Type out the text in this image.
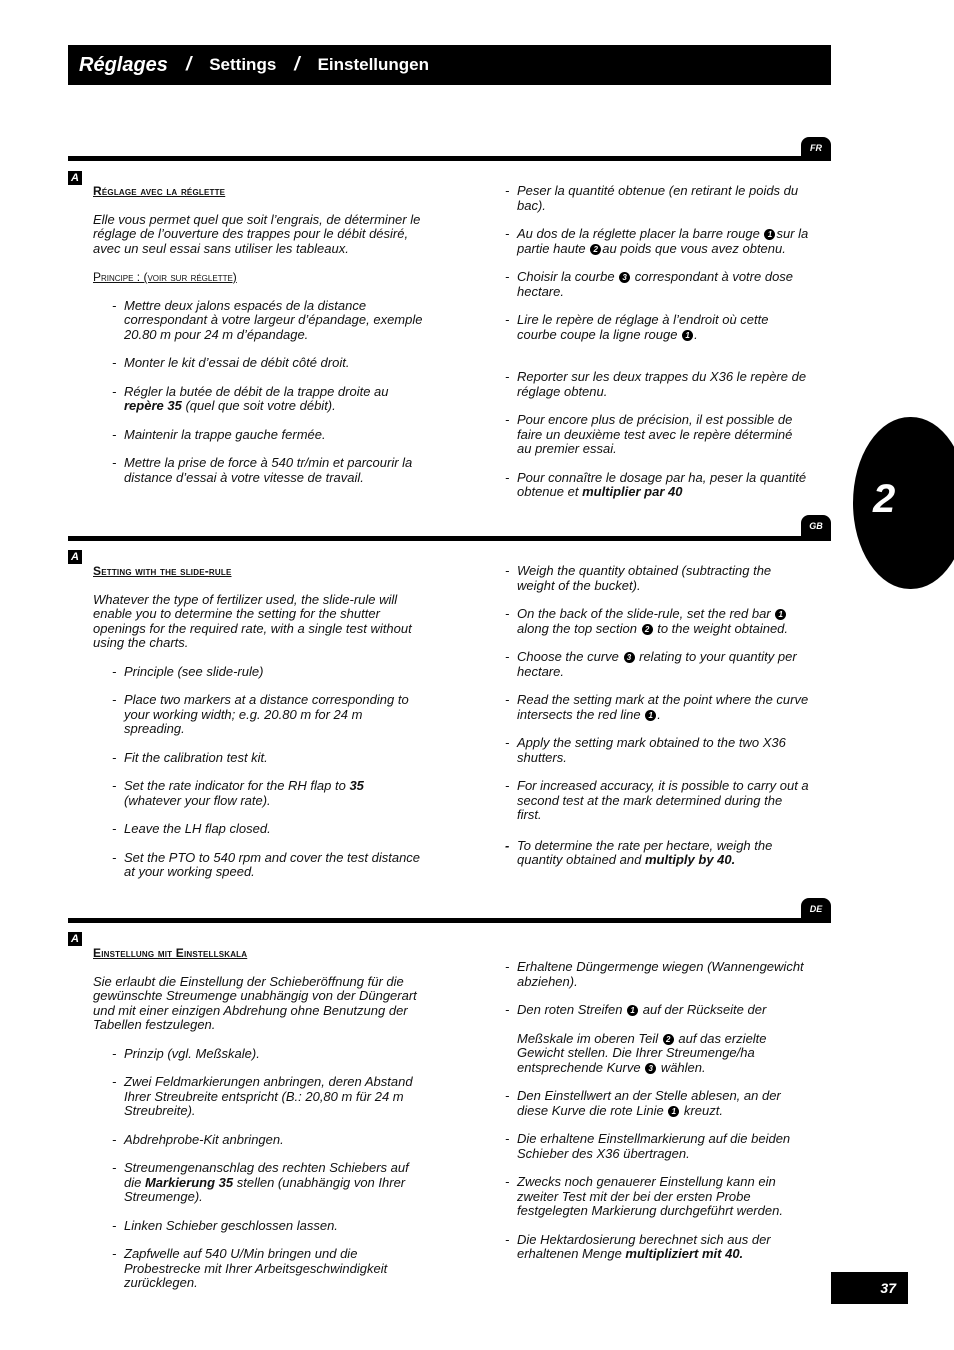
Réglages / Settings / Einstellungen
2
FR
A
Réglage avec la réglette

Elle vous permet quel que soit l’engrais, de déterminer le réglage de l’ouverture des trappes pour le débit désiré, avec un seul essai sans utiliser les tableaux.

Principe : (voir sur réglette)
- Mettre deux jalons espacés de la distance correspondant à votre largeur d’épandage, exemple 20.80 m pour 24 m d’épandage.
- Monter le kit d’essai de débit côté droit.
- Régler la butée de débit de la trappe droite au repère 35 (quel que soit votre débit).
- Maintenir la trappe gauche fermée.
- Mettre la prise de force à 540 tr/min et parcourir la distance d’essai à votre vitesse de travail.
- Peser la quantité obtenue (en retirant le poids du bac).
- Au dos de la réglette placer la barre rouge 1 sur la partie haute 2 au poids que vous avez obtenu.
- Choisir la courbe 3 correspondant à votre dose hectare.
- Lire le repère de réglage à l’endroit où cette courbe coupe la ligne rouge 1 .
- Reporter sur les deux trappes du X36 le repère de réglage obtenu.
- Pour encore plus de précision, il est possible de faire un deuxième test avec le repère déterminé au premier essai.
- Pour connaître le dosage par ha, peser la quantité obtenue et multiplier par 40
GB
A
Setting with the slide-rule

Whatever the type of fertilizer used, the slide-rule will enable you to determine the setting for the shutter openings for the required rate, with a single test without using the charts.

- Principle (see slide-rule)
- Place two markers at a distance corresponding to your working width; e.g. 20.80 m for 24 m spreading.
- Fit the calibration test kit.
- Set the rate indicator for the RH flap to 35 (whatever your flow rate).
- Leave the LH flap closed.
- Set the PTO to 540 rpm and cover the test distance at your working speed.
- Weigh the quantity obtained (subtracting the weight of the bucket).
- On the back of the slide-rule, set the red bar 1 along the top section 2 to the weight obtained.
- Choose the curve 3 relating to your quantity per hectare.
- Read the setting mark at the point where the curve intersects the red line 1 .
- Apply the setting mark obtained to the two X36 shutters.
- For increased accuracy, it is possible to carry out a second test at the mark determined during the first.
- To determine the rate per hectare, weigh the quantity obtained and multiply by 40.
DE
A
Einstellung mit Einstellskala

Sie erlaubt die Einstellung der Schieberöffnung für die gewünschte Streumenge unabhängig von der Düngerart und mit einer einzigen Abdrehung ohne Benutzung der Tabellen festzulegen.

- Prinzip (vgl. Meßskale).
- Zwei Feldmarkierungen anbringen, deren Abstand Ihrer Streubreite entspricht (B.: 20,80 m für 24 m Streubreite).
- Abdrehprobe-Kit anbringen.
- Streumengenanschlag des rechten Schiebers auf die Markierung 35 stellen (unabhängig von Ihrer Streumenge).
- Linken Schieber geschlossen lassen.
- Zapfwelle auf 540 U/Min bringen und die Probestrecke mit Ihrer Arbeitsgeschwindigkeit zurücklegen.
- Erhaltene Düngermenge wiegen (Wannengewicht abziehen).
- Den roten Streifen 1 auf der Rückseite der
Meßskale im oberen Teil 2 auf das erzielte Gewicht stellen. Die Ihrer Streumenge/ha entsprechende Kurve 3 wählen.
- Den Einstellwert an der Stelle ablesen, an der diese Kurve die rote Linie 1 kreuzt.
- Die erhaltene Einstellmarkierung auf die beiden Schieber des X36 übertragen.
- Zwecks noch genauerer Einstellung kann ein zweiter Test mit der bei der ersten Probe festgelegten Markierung durchgeführt werden.
- Die Hektardosierung berechnet sich aus der erhaltenen Menge multipliziert mit 40.
37
